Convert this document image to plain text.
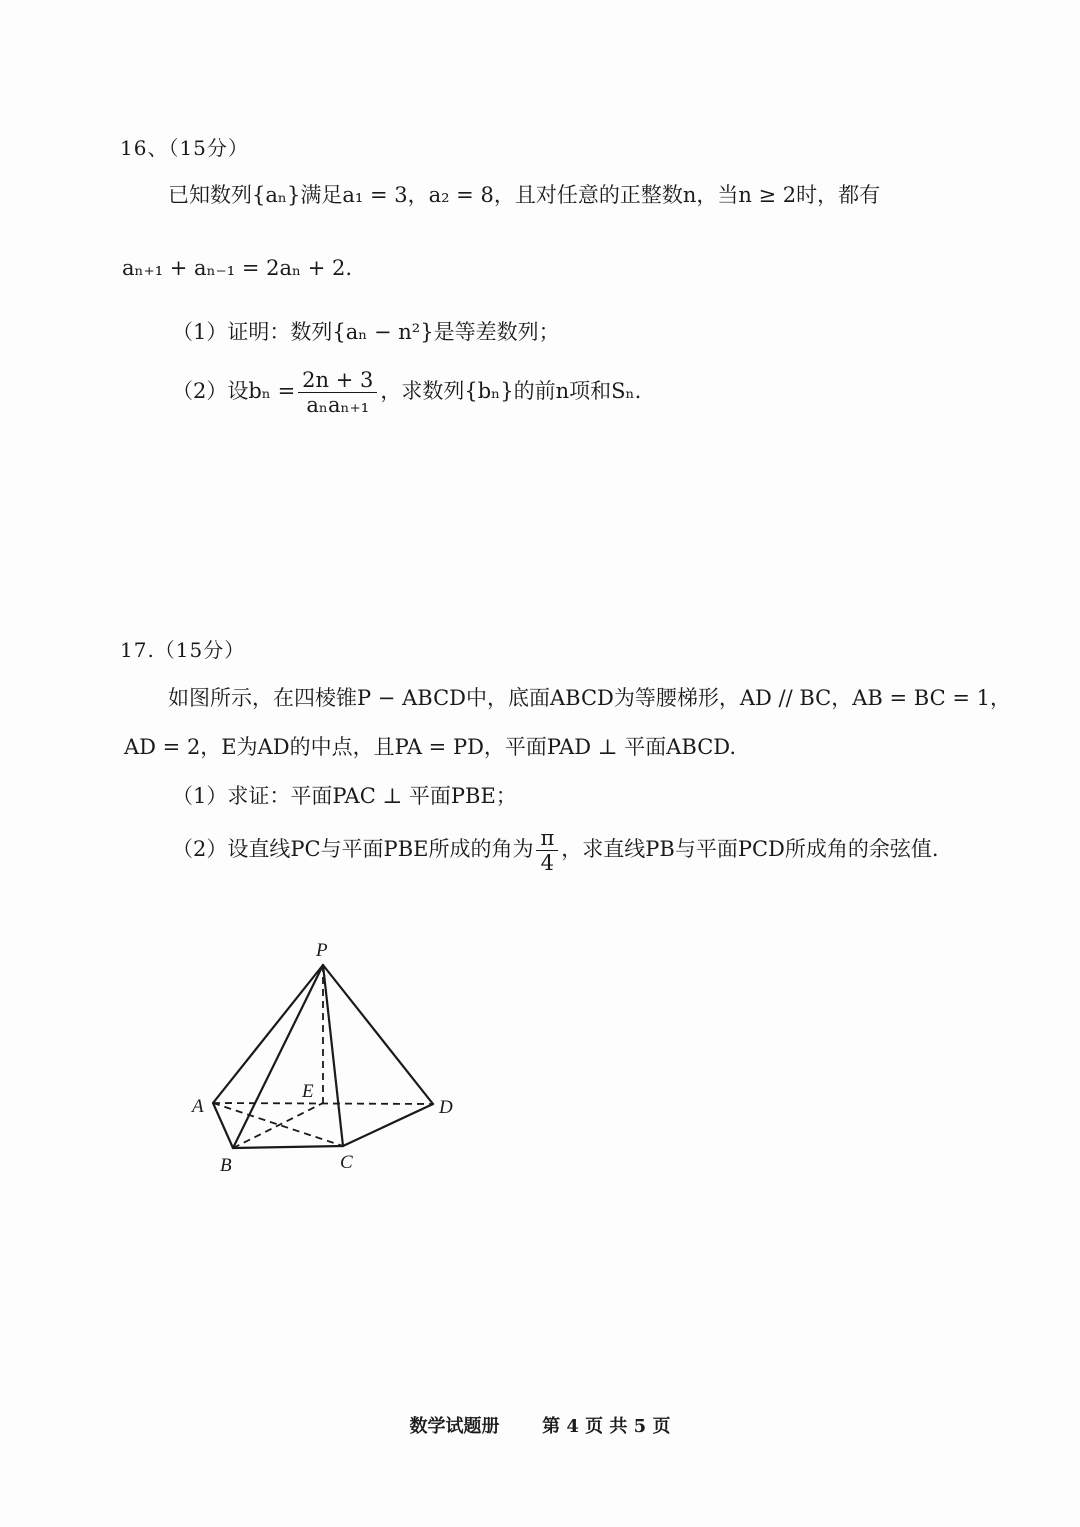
16、（15分）
已知数列{aₙ}满足a₁ = 3，a₂ = 8，且对任意的正整数n，当n ≥ 2时，都有
aₙ₊₁ + aₙ₋₁ = 2aₙ + 2.
（1）证明：数列{aₙ − n²}是等差数列；
（2）设$b_n = \frac{2n + 3}{\text{aₙaₙ₊₁}}$ ，求数列{bₙ}的前n项和Sₙ.
17.（15分）
如图所示，在四棱锥P − ABCD中，底面ABCD为等腰梯形，AD // BC，AB = BC = 1，
AD = 2，E为AD的中点，且PA = PD，平面PAD ⊥ 平面ABCD.
（1）求证：平面PAC ⊥ 平面PBE；
（2）设直线PC与平面PBE所成的角为 $\frac{\pi}{4}$ ，求直线PB与平面PCD所成角的余弦值.
P
A
B	C
D
E
数学试题册 第 4 页 共 5 页
